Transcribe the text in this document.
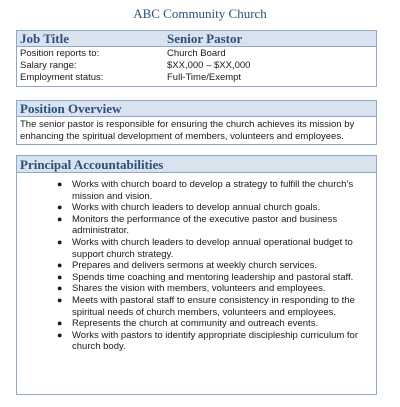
ABC Community Church
Job Title	Senior Pastor
Position reports to:	Church Board
Salary range:	$XX,000 – $XX,000
Employment status:	Full-Time/Exempt
Position Overview
The senior pastor is responsible for ensuring the church achieves its mission by enhancing the spiritual development of members, volunteers and employees.
Principal Accountabilities
● Works with church board to develop a strategy to fulfill the church’s mission and vision.
● Works with church leaders to develop annual church goals.
● Monitors the performance of the executive pastor and business administrator.
● Works with church leaders to develop annual operational budget to support church strategy.
● Prepares and delivers sermons at weekly church services.
● Spends time coaching and mentoring leadership and pastoral staff.
● Shares the vision with members, volunteers and employees.
● Meets with pastoral staff to ensure consistency in responding to the spiritual needs of church members, volunteers and employees.
● Represents the church at community and outreach events.
● Works with pastors to identify appropriate discipleship curriculum for church body.
